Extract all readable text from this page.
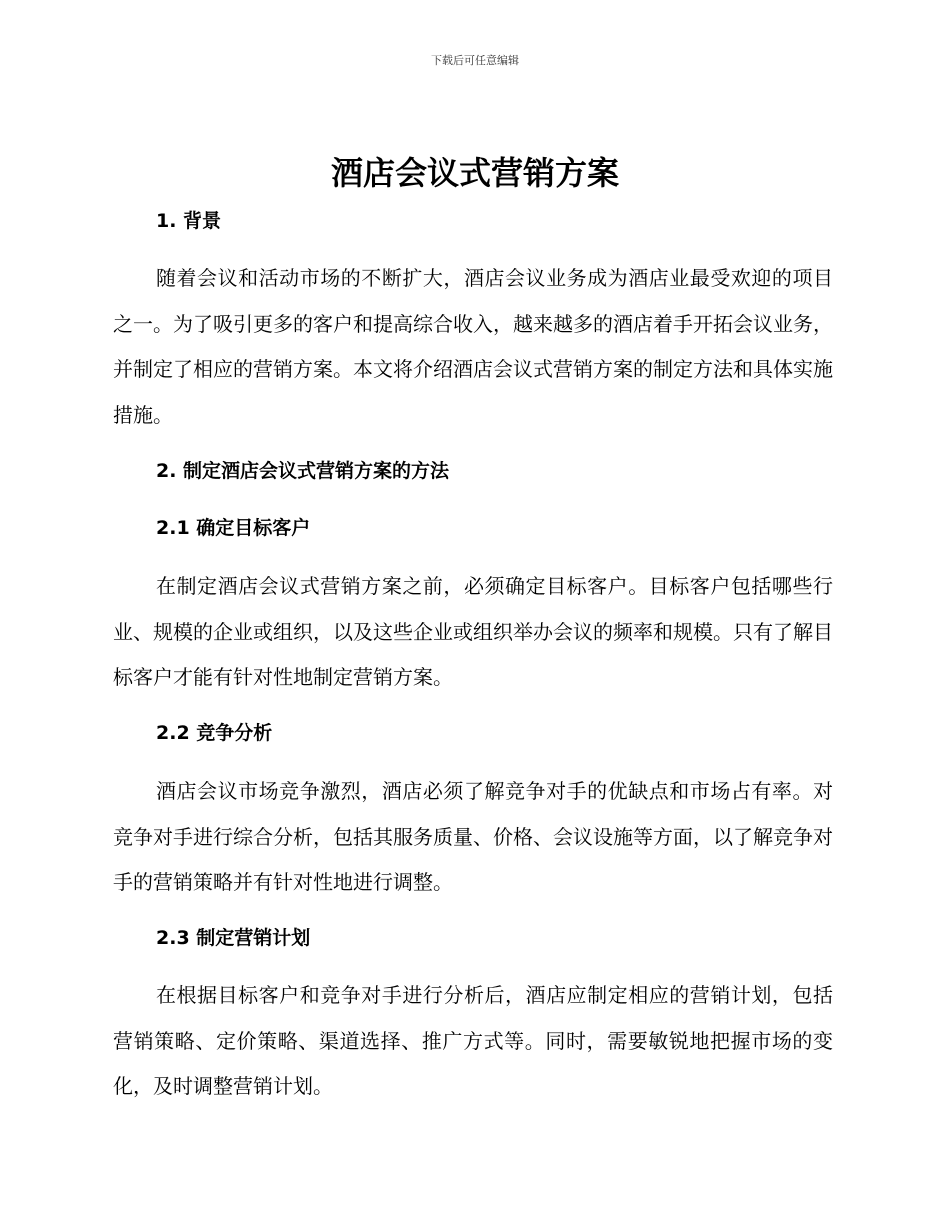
下载后可任意编辑
酒店会议式营销方案
1. 背景

随着会议和活动市场的不断扩大，酒店会议业务成为酒店业最受欢迎的项目之一。为了吸引更多的客户和提高综合收入，越来越多的酒店着手开拓会议业务，并制定了相应的营销方案。本文将介绍酒店会议式营销方案的制定方法和具体实施措施。

2. 制定酒店会议式营销方案的方法
2.1 确定目标客户

在制定酒店会议式营销方案之前，必须确定目标客户。目标客户包括哪些行业、规模的企业或组织，以及这些企业或组织举办会议的频率和规模。只有了解目标客户才能有针对性地制定营销方案。

2.2 竞争分析

酒店会议市场竞争激烈，酒店必须了解竞争对手的优缺点和市场占有率。对竞争对手进行综合分析，包括其服务质量、价格、会议设施等方面，以了解竞争对手的营销策略并有针对性地进行调整。

2.3 制定营销计划

在根据目标客户和竞争对手进行分析后，酒店应制定相应的营销计划，包括营销策略、定价策略、渠道选择、推广方式等。同时，需要敏锐地把握市场的变化，及时调整营销计划。
